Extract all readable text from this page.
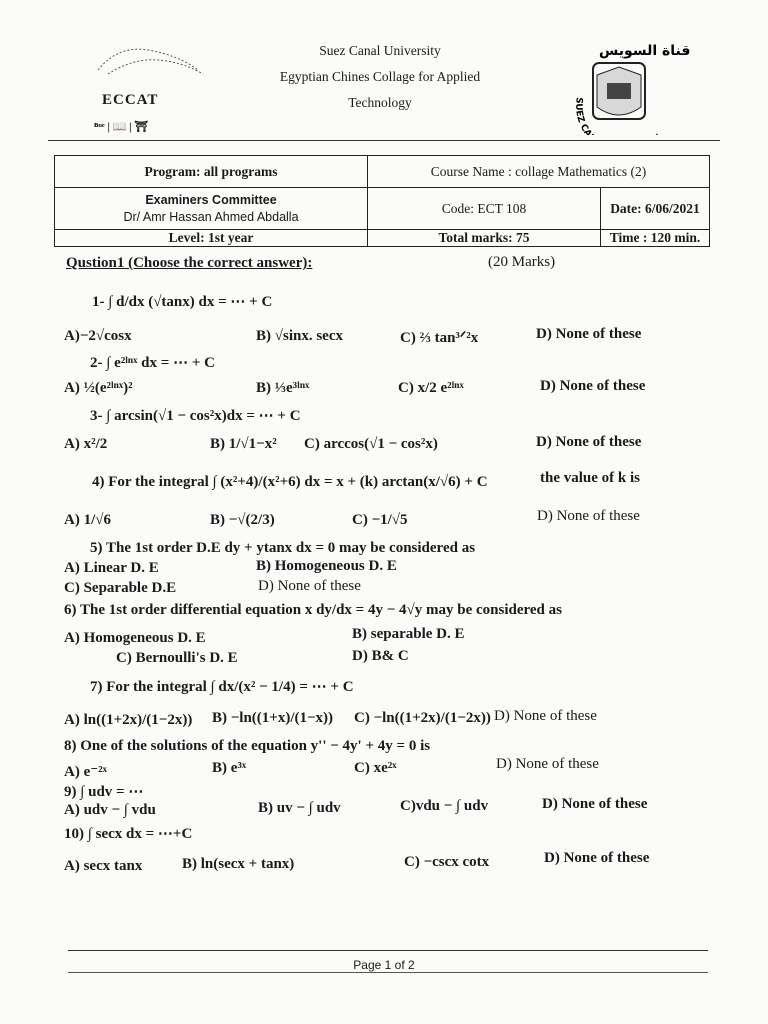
ECCAT
ᴮᵘᵉ | 📖 | ⛩
Suez Canal University
Egyptian Chines Collage for Applied
Technology
قناة السويس
SUEZ CA
Program: all programs	Course Name : collage Mathematics (2)	

Examiners Committee
Dr/ Amr Hassan Ahmed Abdalla	Code: ECT 108	Date: 6/06/2021
Level: 1st year	Total marks: 75	Time : 120 min.
Qustion1 (Choose the correct answer):	(20 Marks)
1- ∫ d/dx (√tanx) dx = ⋯ + C
A)−2√cosx	B) √sinx. secx	C) ⅔ tan³ᐟ²x	D) None of these
2- ∫ e²ˡⁿˣ dx = ⋯ + C
A) ½(e²ˡⁿˣ)²	B) ⅓e³ˡⁿˣ	C) x/2 e²ˡⁿˣ	D) None of these
3- ∫ arcsin(√1 − cos²x)dx = ⋯ + C
A) x²/2	B) 1/√1−x² C) arccos(√1 − cos²x)	D) None of these
4) For the integral ∫ (x²+4)/(x²+6) dx = x + (k) arctan(x/√6) + C	the value of k is
A) 1/√6	B) −√(2/3)	C) −1/√5	D) None of these
5) The 1st order D.E dy + ytanx dx = 0 may be considered as
A) Linear D. E	B) Homogeneous D. E
C) Separable D.E	D) None of these
6) The 1st order differential equation x dy/dx = 4y − 4√y may be considered as
A) Homogeneous D. E	B) separable D. E
C) Bernoulli's D. E	D) B& C
7) For the integral ∫ dx/(x² − 1/4) = ⋯ + C
A) ln((1+2x)/(1−2x)) B) −ln((1+x)/(1−x)) C) −ln((1+2x)/(1−2x)) D) None of these
8) One of the solutions of the equation y'' − 4y' + 4y = 0 is
A) e⁻²ˣ	B) e³ˣ	C) xe²ˣ	D) None of these
9) ∫ udv = ⋯
A) udv − ∫ vdu	B) uv − ∫ udv	C)vdu − ∫ udv	D) None of these
10) ∫ secx dx = ⋯+C
A) secx tanx	B) ln(secx + tanx)	C) −cscx cotx	D) None of these
Page 1 of 2
